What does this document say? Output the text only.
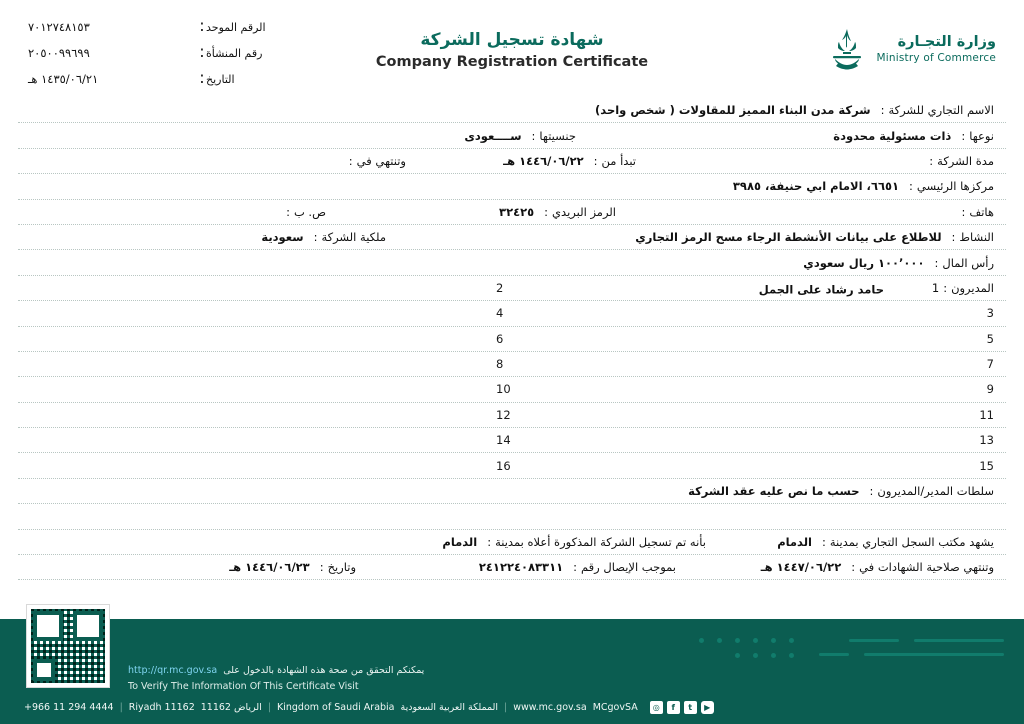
الرقم الموحد
:
٧٠١٢٧٤٨١٥٣
رقم المنشأة
:
٢٠٥٠٠٩٩٦٩٩
التاريخ
:
١٤٣٥/٠٦/٢١ هـ
شهادة تسجيل الشركة
Company Registration Certificate
وزارة التجـارة
Ministry of Commerce
الاسم التجاري للشركة
:
شركة مدن البناء المميز للمقاولات ( شخص واحد)
نوعها
:
ذات مسئولية محدودة
جنسيتها
:
ســــعودى
مدة الشركة
:
تبدأ من
:
١٤٤٦/٠٦/٢٢ هـ
وتنتهي في
:
مركزها الرئيسي
:
٦٦٥١، الامام ابي حنيفة، ٣٩٨٥
هاتف
:
الرمز البريدي
:
٣٢٤٢٥
ص. ب
:
النشاط
:
للاطلاع على بيانات الأنشطة الرجاء مسح الرمز التجاري
ملكية الشركة
:
سعودية
رأس المال
:
١٠٠٬٠٠٠ ريال سعودي
المديرون
:
1
حامد رشاد على الجمل
2
3
4
5
6
7
8
9
10
11
12
13
14
15
16
سلطات المدير/المديرون
:
حسب ما نص عليه عقد الشركة
يشهد مكتب السجل التجاري بمدينة
:
الدمام
بأنه تم تسجيل الشركة المذكورة أعلاه بمدينة
:
الدمام
وتنتهي صلاحية الشهادات في
:
١٤٤٧/٠٦/٢٢ هـ
بموجب الإيصال رقم
:
٢٤١٢٢٤٠٨٣٣١١
وتاريخ
:
١٤٤٦/٠٦/٢٣ هـ
يمكنكم التحقق من صحة هذه الشهادة بالدخول على
http://qr.mc.gov.sa
To Verify The Information Of This Certificate Visit
+966 11 294 4444 | Riyadh 11162 الرياض 11162 | Kingdom of Saudi Arabia المملكة العربية السعودية | www.mc.gov.sa MCgovSA	◎	f	t	▶
